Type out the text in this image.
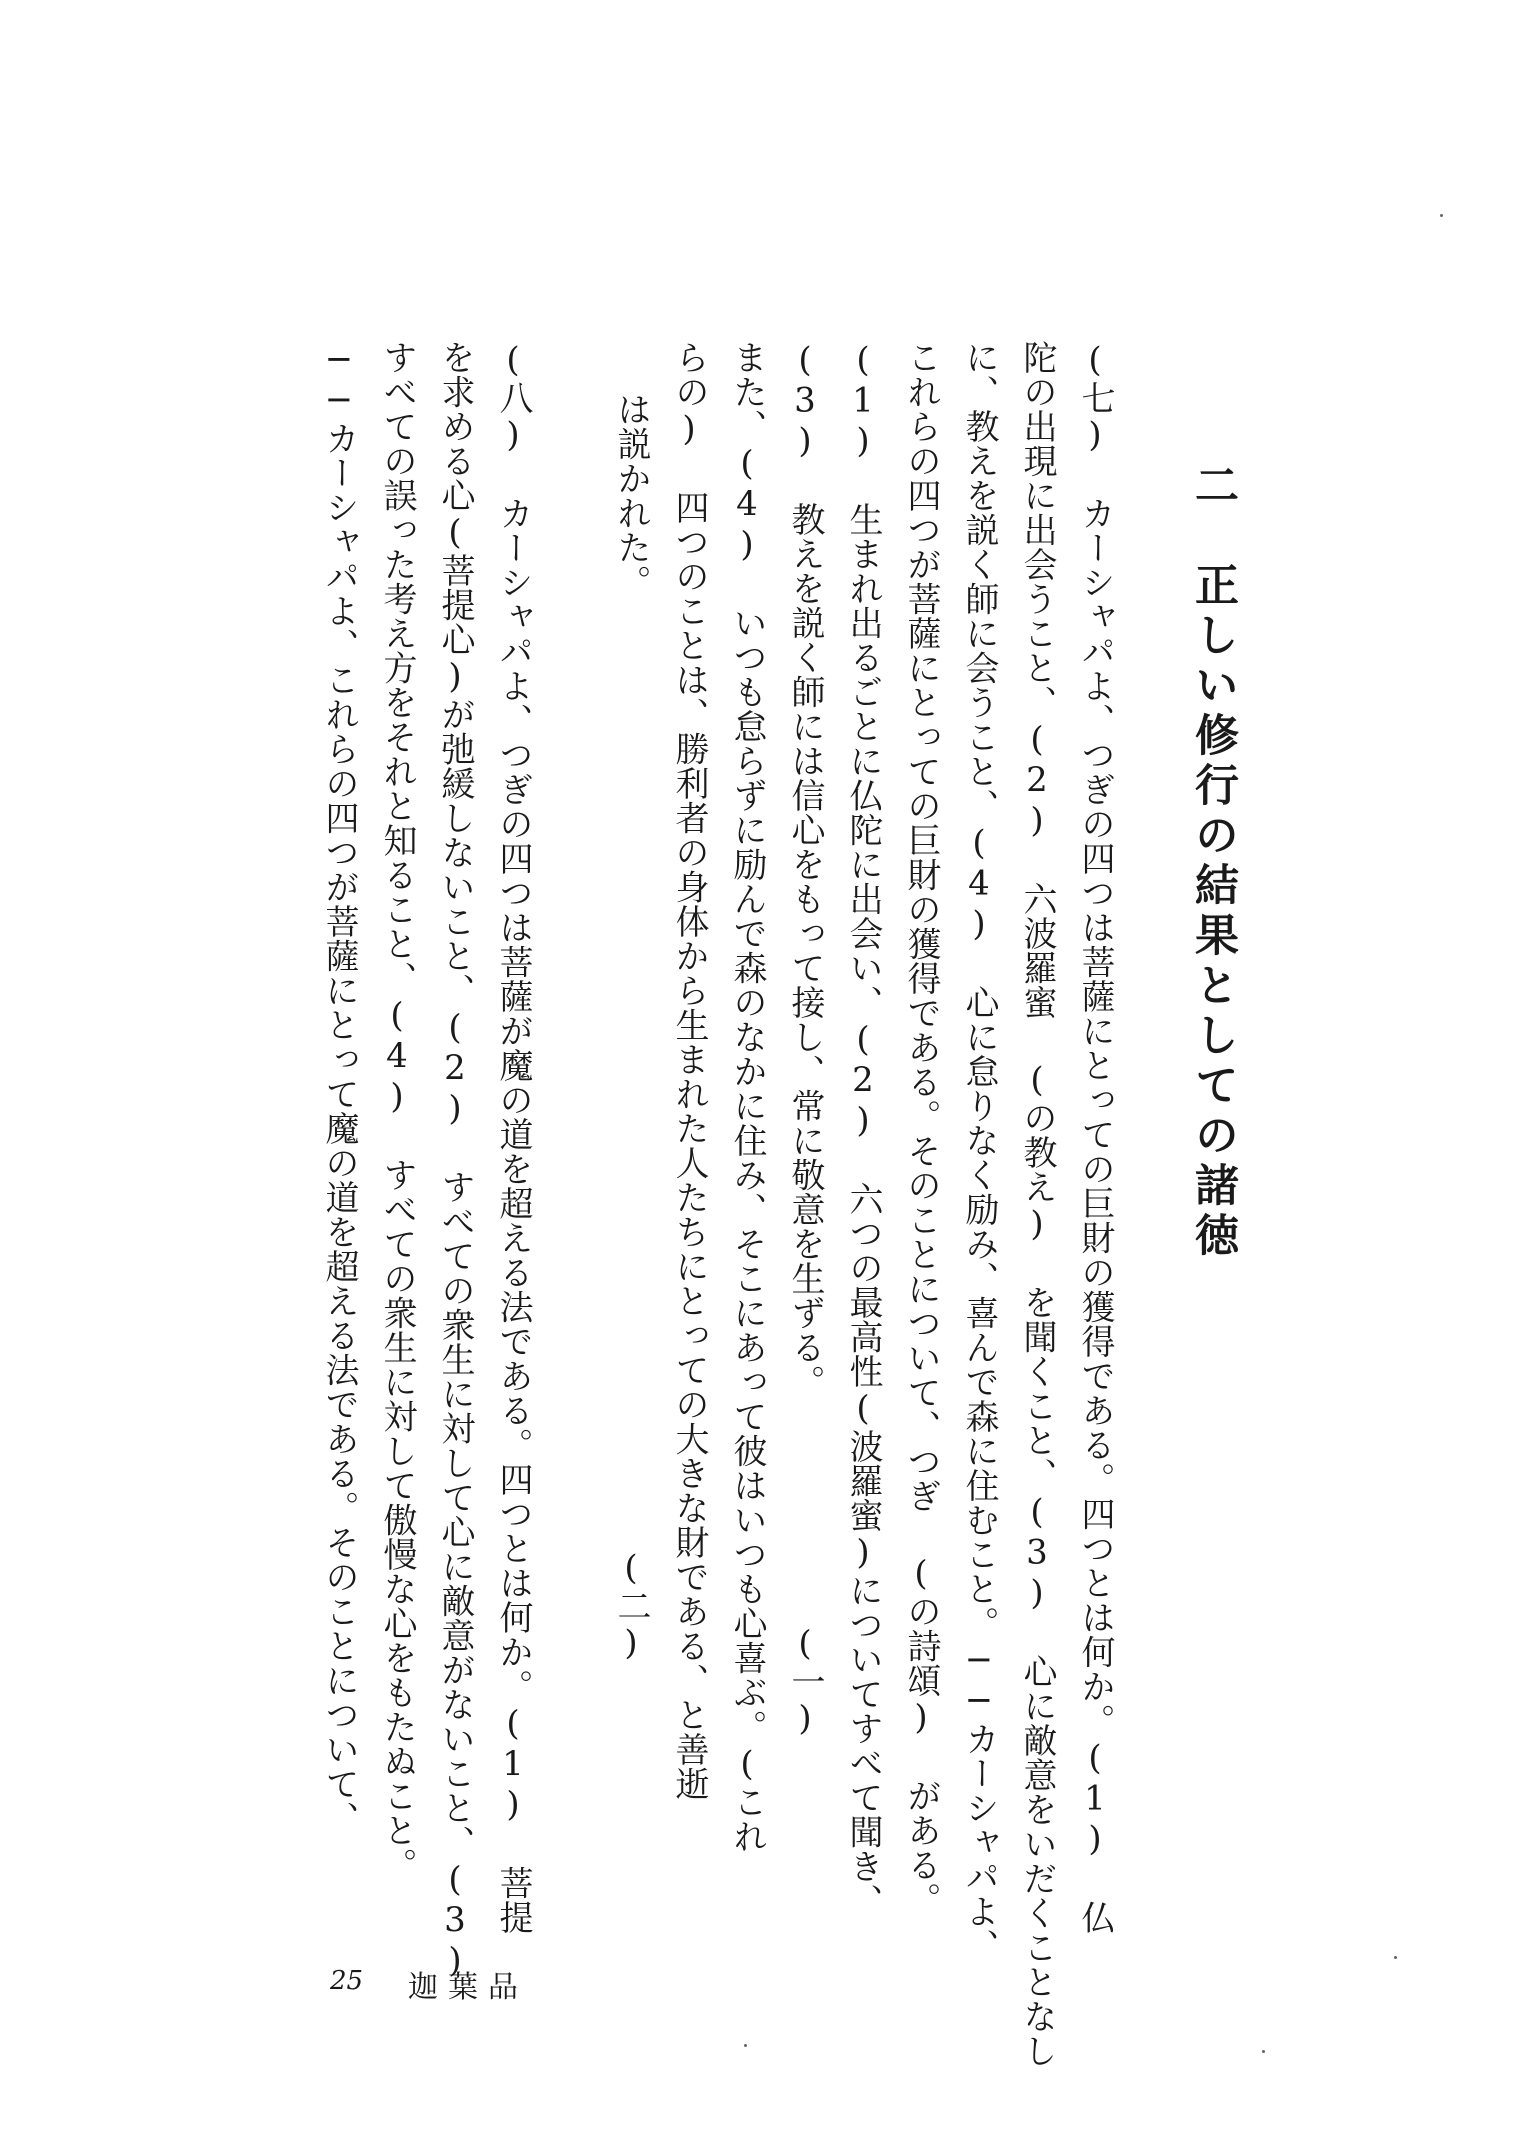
二　正しい修行の結果としての諸徳
(七) カーシャパよ、つぎの四つは菩薩にとっての巨財の獲得である。四つとは何か。(1) 仏
陀の出現に出会うこと、(2) 六波羅蜜 (の教え) を聞くこと、(3) 心に敵意をいだくことなし
に、教えを説く師に会うこと、(4) 心に怠りなく励み、喜んで森に住むこと。──カーシャパよ、
これらの四つが菩薩にとっての巨財の獲得である。そのことについて、つぎ (の詩頌) がある。
(1) 生まれ出るごとに仏陀に出会い、(2) 六つの最高性(波羅蜜)についてすべて聞き、
(3) 教えを説く師には信心をもって接し、常に敬意を生ずる。　　　　　　　(一)
また、(4) いつも怠らずに励んで森のなかに住み、そこにあって彼はいつも心喜ぶ。(これ
らの) 四つのことは、勝利者の身体から生まれた人たちにとっての大きな財である、と善逝
は説かれた。　　　　　　　　　　　　　　　　　　　　　　　　　　　　(二)
(八) カーシャパよ、つぎの四つは菩薩が魔の道を超える法である。四つとは何か。(1) 菩提
を求める心(菩提心)が弛緩しないこと、(2) すべての衆生に対して心に敵意がないこと、(3)
すべての誤った考え方をそれと知ること、(4) すべての衆生に対して傲慢な心をもたぬこと。
──カーシャパよ、これらの四つが菩薩にとって魔の道を超える法である。そのことについて、
25 迦葉品
